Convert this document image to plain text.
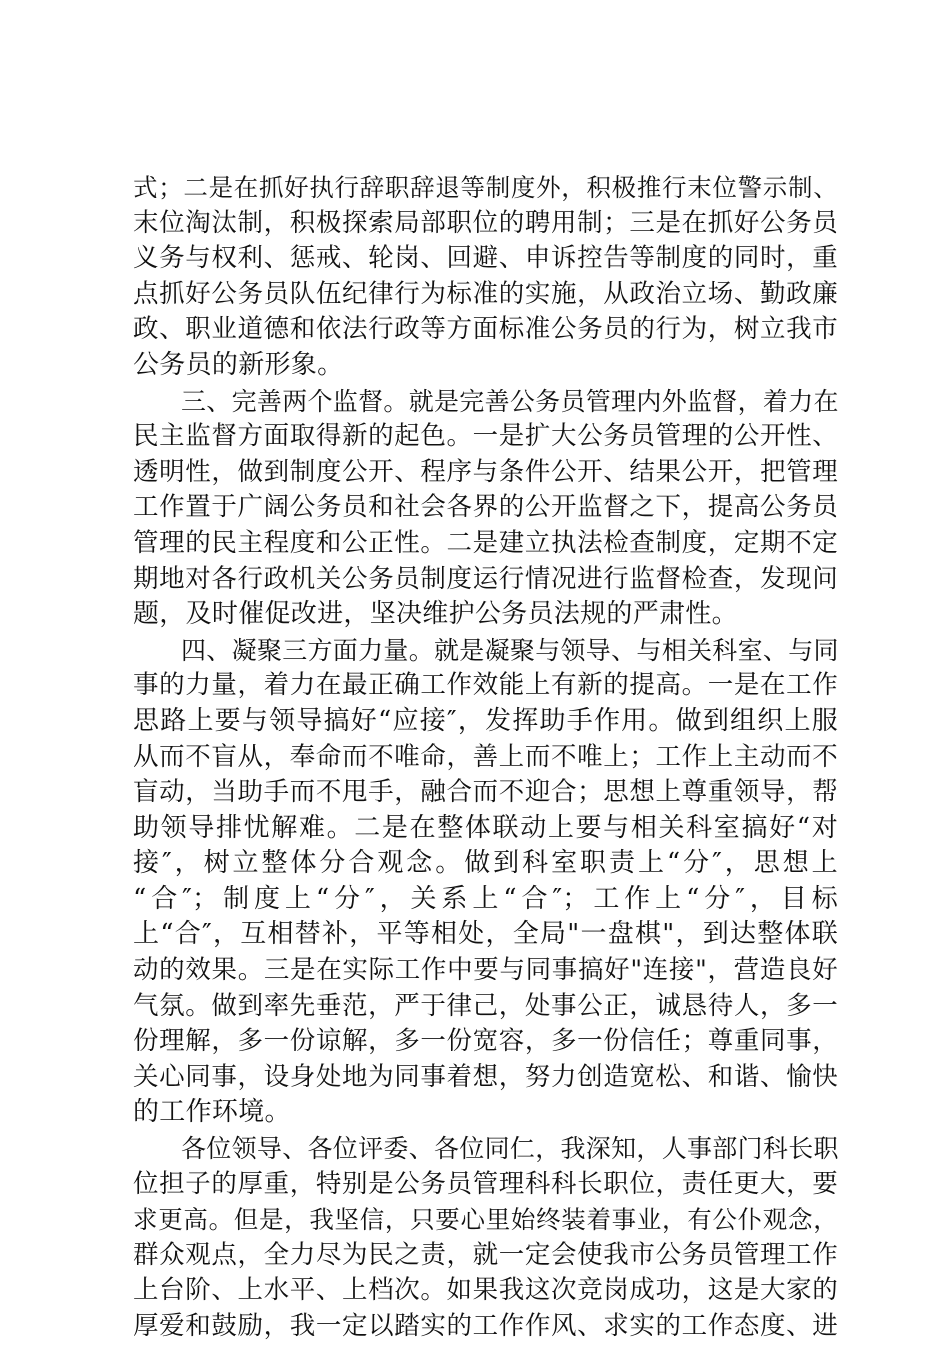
式；二是在抓好执行辞职辞退等制度外，积极推行末位警示制、
末位淘汰制，积极探索局部职位的聘用制；三是在抓好公务员
义务与权利、惩戒、轮岗、回避、申诉控告等制度的同时，重
点抓好公务员队伍纪律行为标准的实施，从政治立场、勤政廉
政、职业道德和依法行政等方面标准公务员的行为，树立我市
公务员的新形象。
三、完善两个监督。就是完善公务员管理内外监督，着力在
民主监督方面取得新的起色。一是扩大公务员管理的公开性、
透明性，做到制度公开、程序与条件公开、结果公开，把管理
工作置于广阔公务员和社会各界的公开监督之下，提高公务员
管理的民主程度和公正性。二是建立执法检查制度，定期不定
期地对各行政机关公务员制度运行情况进行监督检查，发现问
题，及时催促改进，坚决维护公务员法规的严肃性。
四、凝聚三方面力量。就是凝聚与领导、与相关科室、与同
事的力量，着力在最正确工作效能上有新的提高。一是在工作
思路上要与领导搞好“应接″，发挥助手作用。做到组织上服
从而不盲从，奉命而不唯命，善上而不唯上；工作上主动而不
盲动，当助手而不甩手，融合而不迎合；思想上尊重领导，帮
助领导排忧解难。二是在整体联动上要与相关科室搞好“对
接″，树立整体分合观念。做到科室职责上“分″，思想上
“合″；制度上“分″，关系上“合″；工作上“分″，目标
上“合″，互相替补，平等相处，全局"一盘棋"，到达整体联
动的效果。三是在实际工作中要与同事搞好"连接"，营造良好
气氛。做到率先垂范，严于律己，处事公正，诚恳待人，多一
份理解，多一份谅解，多一份宽容，多一份信任；尊重同事，
关心同事，设身处地为同事着想，努力创造宽松、和谐、愉快
的工作环境。
各位领导、各位评委、各位同仁，我深知，人事部门科长职
位担子的厚重，特别是公务员管理科科长职位，责任更大，要
求更高。但是，我坚信，只要心里始终装着事业，有公仆观念，
群众观点，全力尽为民之责，就一定会使我市公务员管理工作
上台阶、上水平、上档次。如果我这次竞岗成功，这是大家的
厚爱和鼓励，我一定以踏实的工作作风、求实的工作态度、进
